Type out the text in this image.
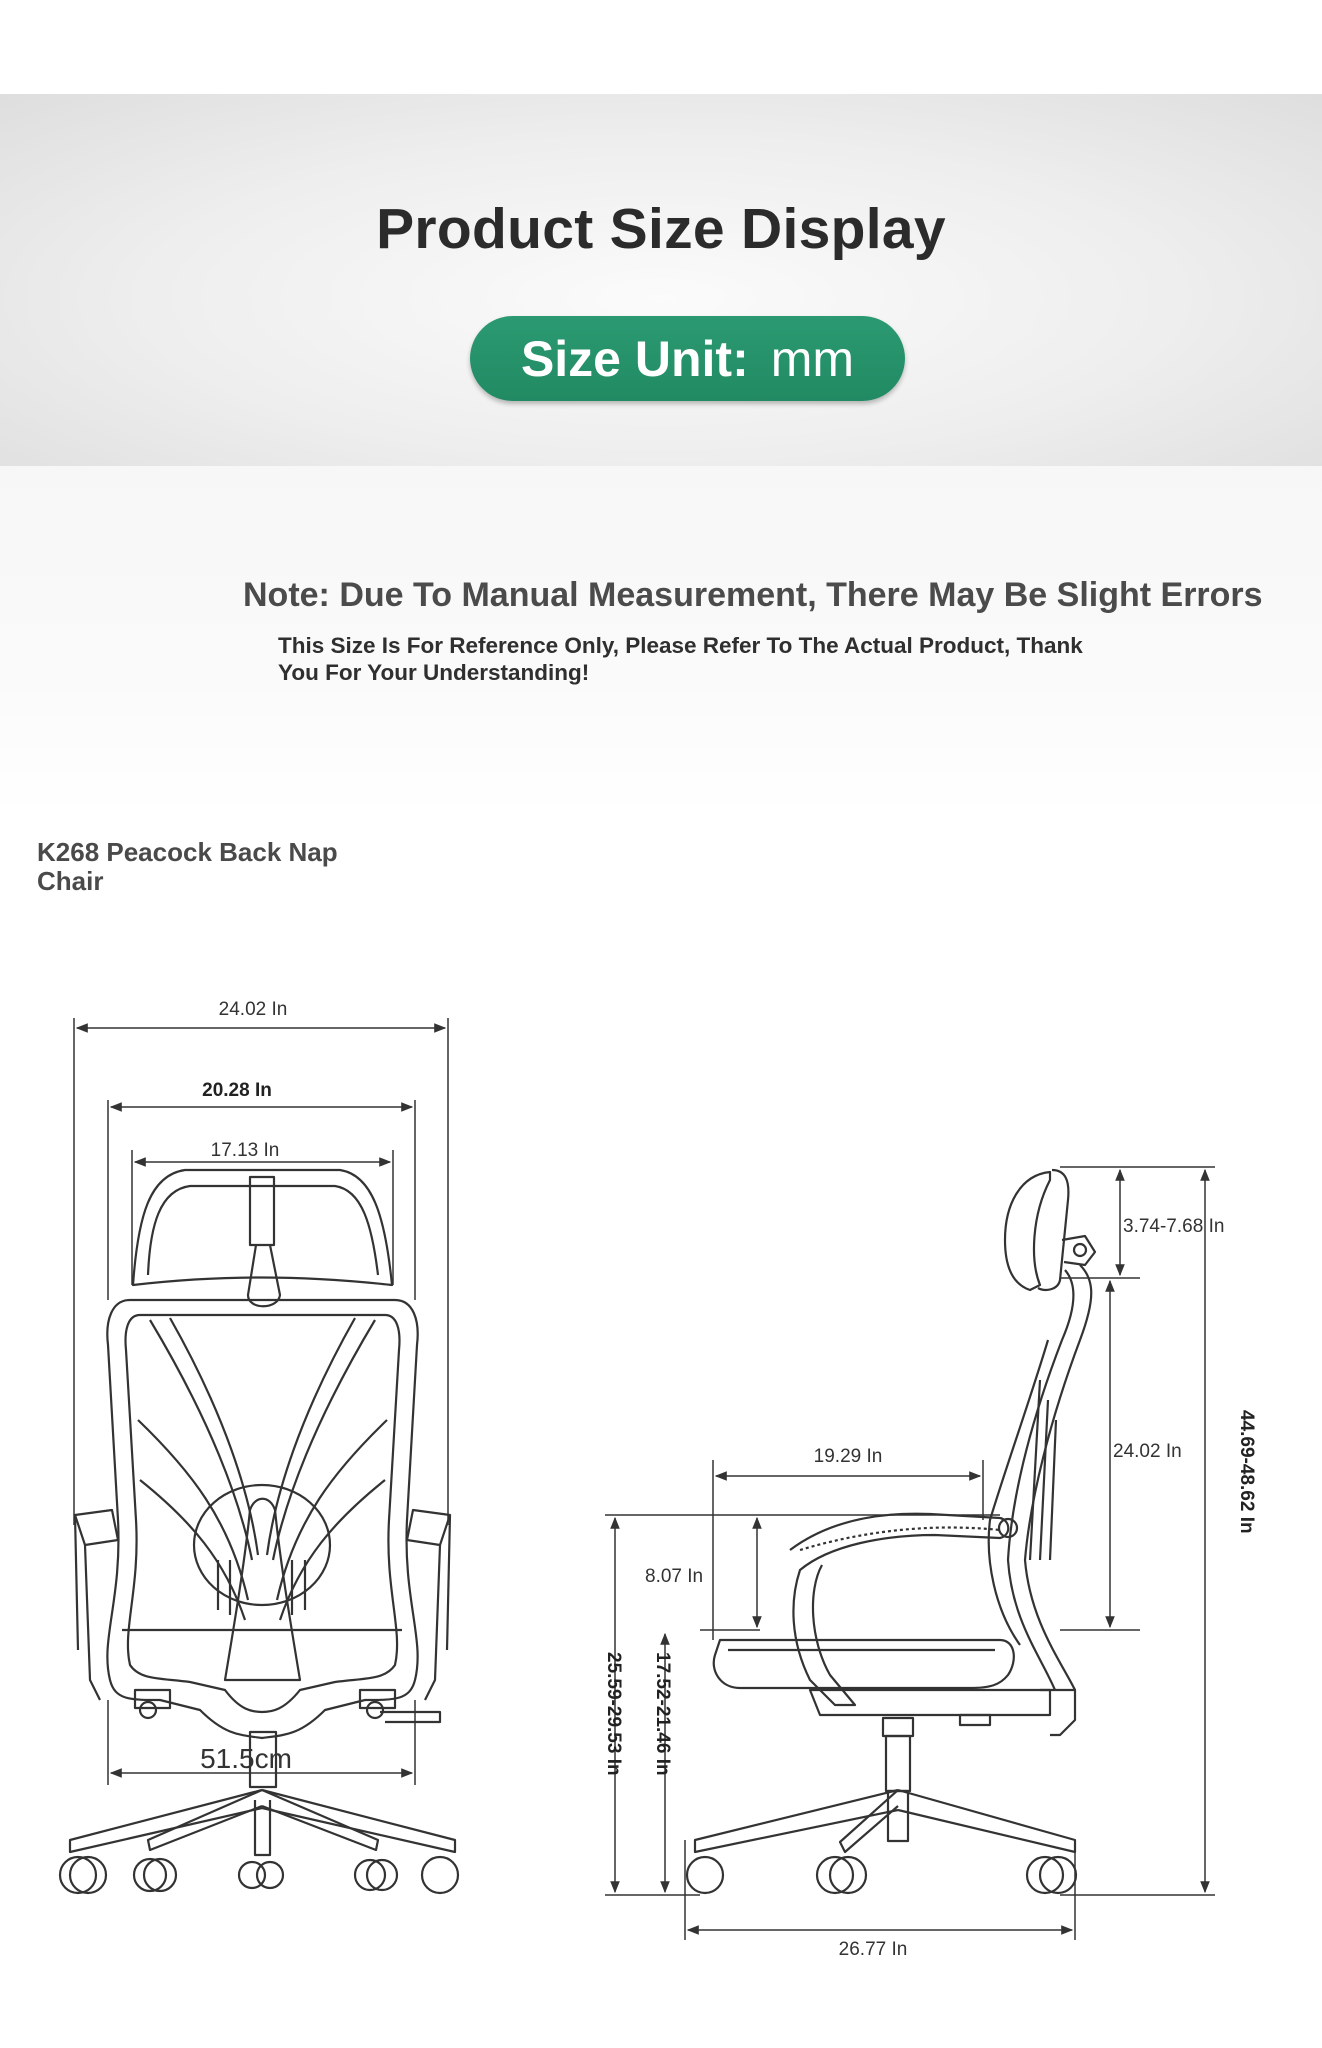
Product Size Display
Size Unit: mm
Note: Due To Manual Measurement, There May Be Slight Errors
This Size Is For Reference Only, Please Refer To The Actual Product, Thank You For Your Understanding!
K268 Peacock Back Nap Chair
24.02 In
20.28 In
17.13 In
51.5cm
3.74-7.68 In
24.02 In	44.69-48.62 In
19.29 In
8.07 In
25.59-29.53 In 17.52-21.46 In
26.77 In
